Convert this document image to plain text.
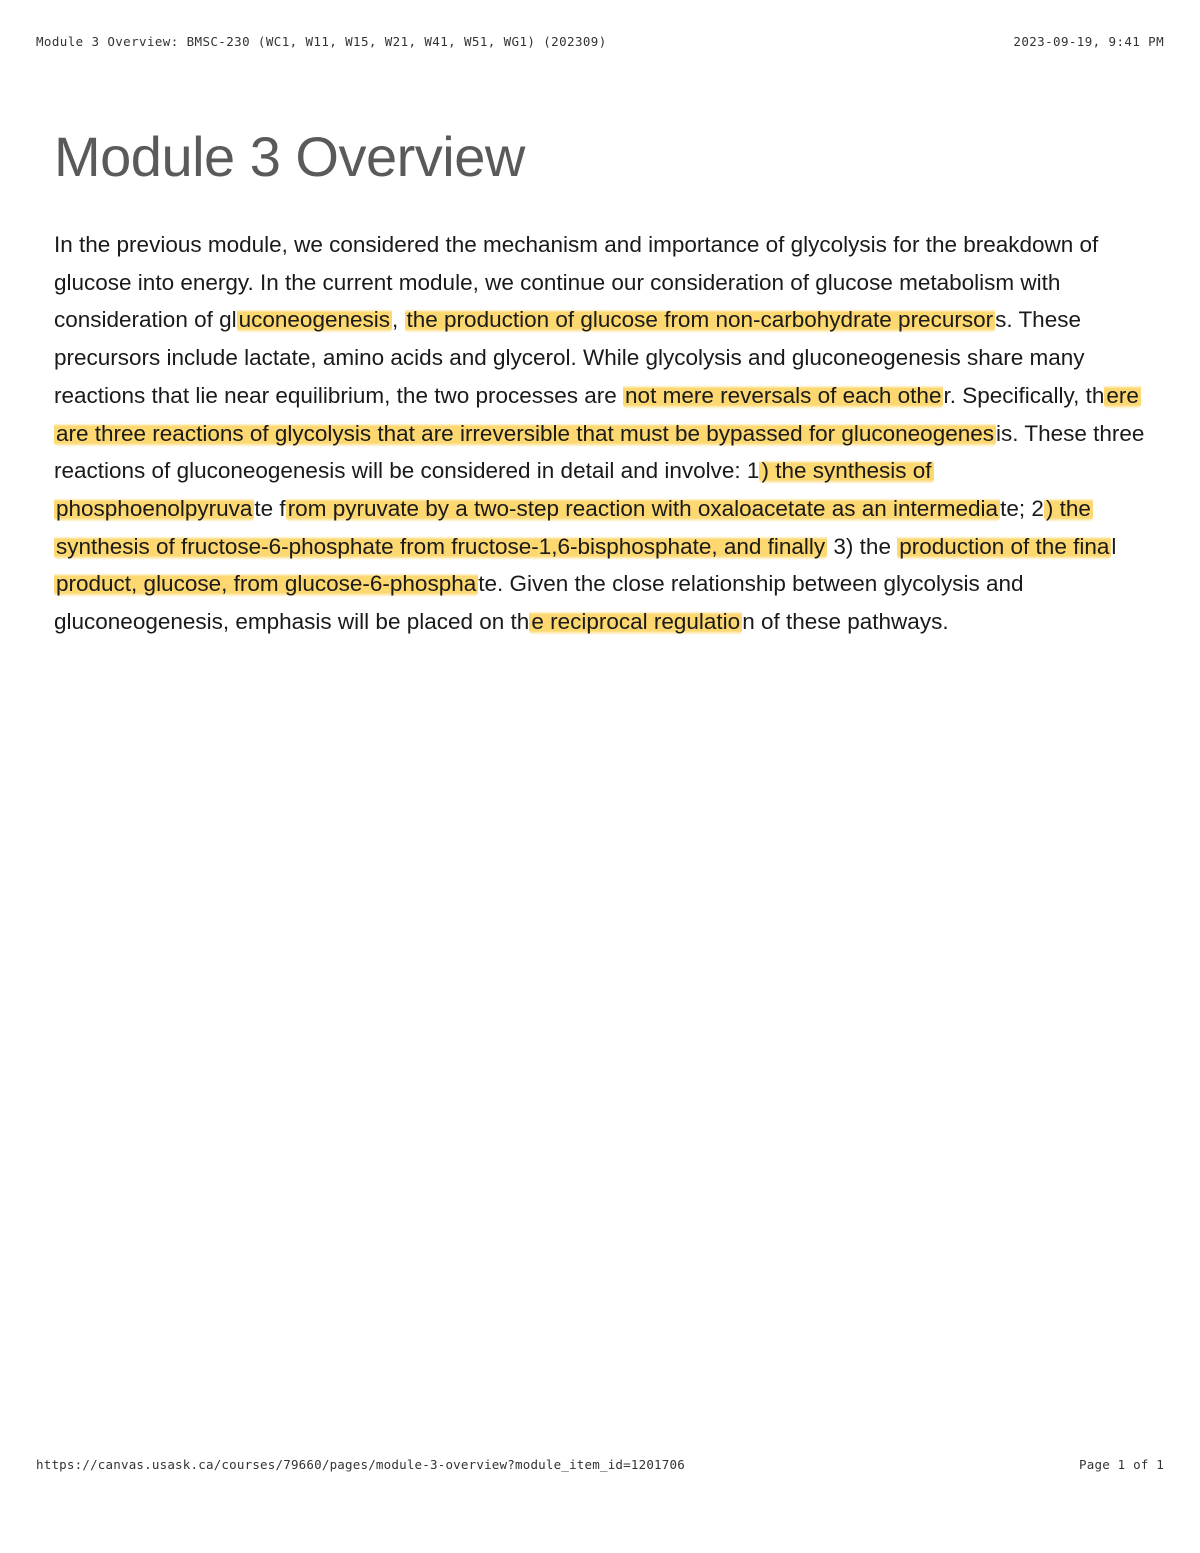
Module 3 Overview: BMSC-230 (WC1, W11, W15, W21, W41, W51, WG1) (202309)	2023-09-19, 9:41 PM
Module 3 Overview

In the previous module, we considered the mechanism and importance of glycolysis for the breakdown of glucose into energy. In the current module, we continue our consideration of glucose metabolism with consideration of gluconeogenesis, the production of glucose from non-carbohydrate precursors. These precursors include lactate, amino acids and glycerol. While glycolysis and gluconeogenesis share many reactions that lie near equilibrium, the two processes are not mere reversals of each other. Specifically, there are three reactions of glycolysis that are irreversible that must be bypassed for gluconeogenesis. These three reactions of gluconeogenesis will be considered in detail and involve: 1) the synthesis of phosphoenolpyruvate from pyruvate by a two-step reaction with oxaloacetate as an intermediate; 2) the synthesis of fructose-6-phosphate from fructose-1,6-bisphosphate, and finally 3) the production of the final product, glucose, from glucose-6-phosphate. Given the close relationship between glycolysis and gluconeogenesis, emphasis will be placed on the reciprocal regulation of these pathways.

https://canvas.usask.ca/courses/79660/pages/module-3-overview?module_item_id=1201706	Page 1 of 1
